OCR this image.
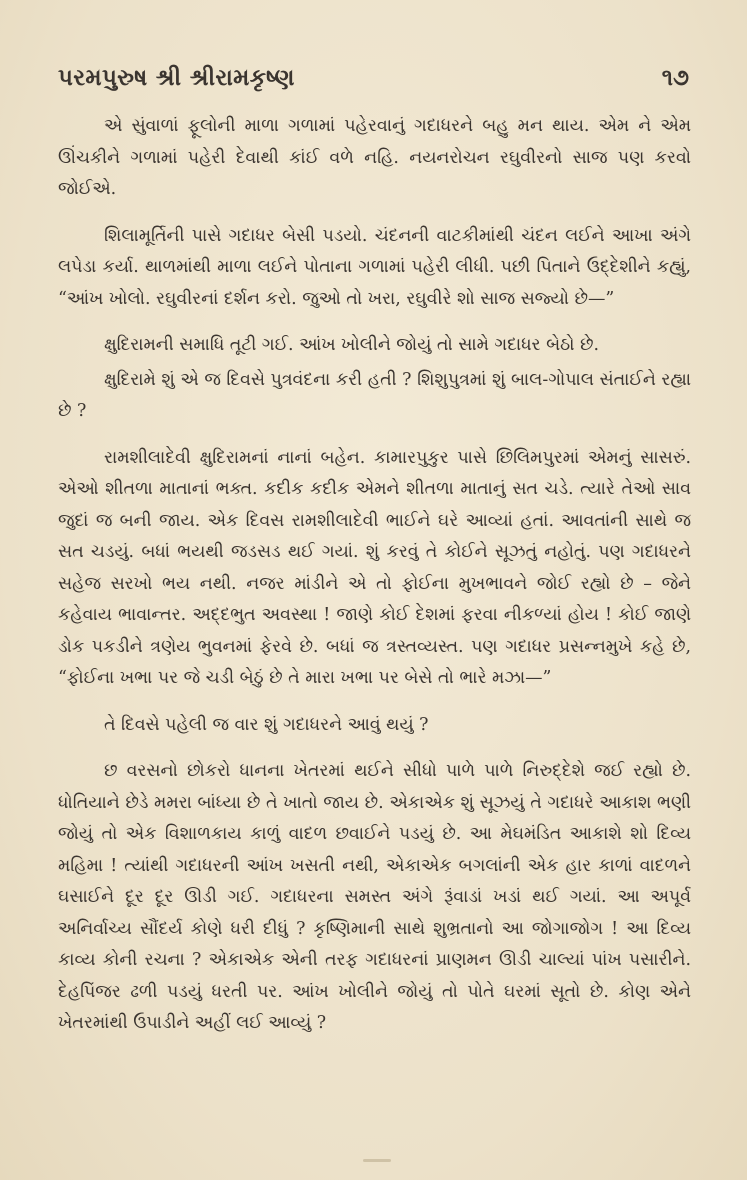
પરમપુરુષ શ્રી શ્રીરામકૃષ્ણ	૧૭

એ સુંવાળાં ફૂલોની માળા ગળામાં પહેરવાનું ગદાધરને બહુ મન થાય. એમ ને એમ ઊંચકીને ગળામાં પહેરી દેવાથી કાંઈ વળે નહિ. નયનરોચન રઘુવીરનો સાજ પણ કરવો જોઈએ.

શિલામૂર્તિની પાસે ગદાધર બેસી પડયો. ચંદનની વાટકીમાંથી ચંદન લઈને આખા અંગે લપેડા કર્યા. થાળમાંથી માળા લઈને પોતાના ગળામાં પહેરી લીધી. પછી પિતાને ઉદ્દેશીને કહ્યું, “આંખ ખોલો. રઘુવીરનાં દર્શન કરો. જુઓ તો ખરા, રઘુવીરે શો સાજ સજ્યો છે—”

ક્ષુદિરામની સમાધિ તૂટી ગઈ. આંખ ખોલીને જોયું તો સામે ગદાધર બેઠો છે.

ક્ષુદિરામે શું એ જ દિવસે પુત્રવંદના કરી હતી ? શિશુપુત્રમાં શું બાલ-ગોપાલ સંતાઈને રહ્યા છે ?

રામશીલાદેવી ક્ષુદિરામનાં નાનાં બહેન. કામારપુકુર પાસે છિલિમપુરમાં એમનું સાસરું. એઓ શીતળા માતાનાં ભક્ત. કદીક કદીક એમને શીતળા માતાનું સત ચડે. ત્યારે તેઓ સાવ જુદાં જ બની જાય. એક દિવસ રામશીલાદેવી ભાઈને ઘરે આવ્યાં હતાં. આવતાંની સાથે જ સત ચડયું. બધાં ભયથી જડસડ થઈ ગયાં. શું કરવું તે કોઈને સૂઝતું નહોતું. પણ ગદાધરને સહેજ સરખો ભય નથી. નજર માંડીને એ તો ફોઈના મુખભાવને જોઈ રહ્યો છે – જેને કહેવાય ભાવાન્તર. અદ્દભુત અવસ્થા ! જાણે કોઈ દેશમાં ફરવા નીકળ્યાં હોય ! કોઈ જાણે ડોક પકડીને ત્રણેય ભુવનમાં ફેરવે છે. બધાં જ ત્રસ્તવ્યસ્ત. પણ ગદાધર પ્રસન્નમુખે કહે છે, “ફોઈના ખભા પર જે ચડી બેઠું છે તે મારા ખભા પર બેસે તો ભારે મઝા—”

તે દિવસે પહેલી જ વાર શું ગદાધરને આવું થયું ?

છ વરસનો છોકરો ધાનના ખેતરમાં થઈને સીધો પાળે પાળે નિરુદ્દેશે જઈ રહ્યો છે. ધોતિયાને છેડે મમરા બાંધ્યા છે તે ખાતો જાય છે. એકાએક શું સૂઝયું તે ગદાધરે આકાશ ભણી જોયું તો એક વિશાળકાય કાળું વાદળ છવાઈને પડયું છે. આ મેઘમંડિત આકાશે શો દિવ્ય મહિમા ! ત્યાંથી ગદાધરની આંખ ખસતી નથી, એકાએક બગલાંની એક હાર કાળાં વાદળને ઘસાઈને દૂર દૂર ઊડી ગઈ. ગદાધરના સમસ્ત અંગે રૂંવાડાં ખડાં થઈ ગયાં. આ અપૂર્વ અનિર્વાચ્ય સૌંદર્ય કોણે ધરી દીધું ? કૃષ્ણિમાની સાથે શુભ્રતાનો આ જોગાજોગ ! આ દિવ્ય કાવ્ય કોની રચના ? એકાએક એની તરફ ગદાધરનાં પ્રાણમન ઊડી ચાલ્યાં પાંખ પસારીને. દેહપિંજર ઢળી પડયું ધરતી પર. આંખ ખોલીને જોયું તો પોતે ઘરમાં સૂતો છે. કોણ એને ખેતરમાંથી ઉપાડીને અહીં લઈ આવ્યું ?
